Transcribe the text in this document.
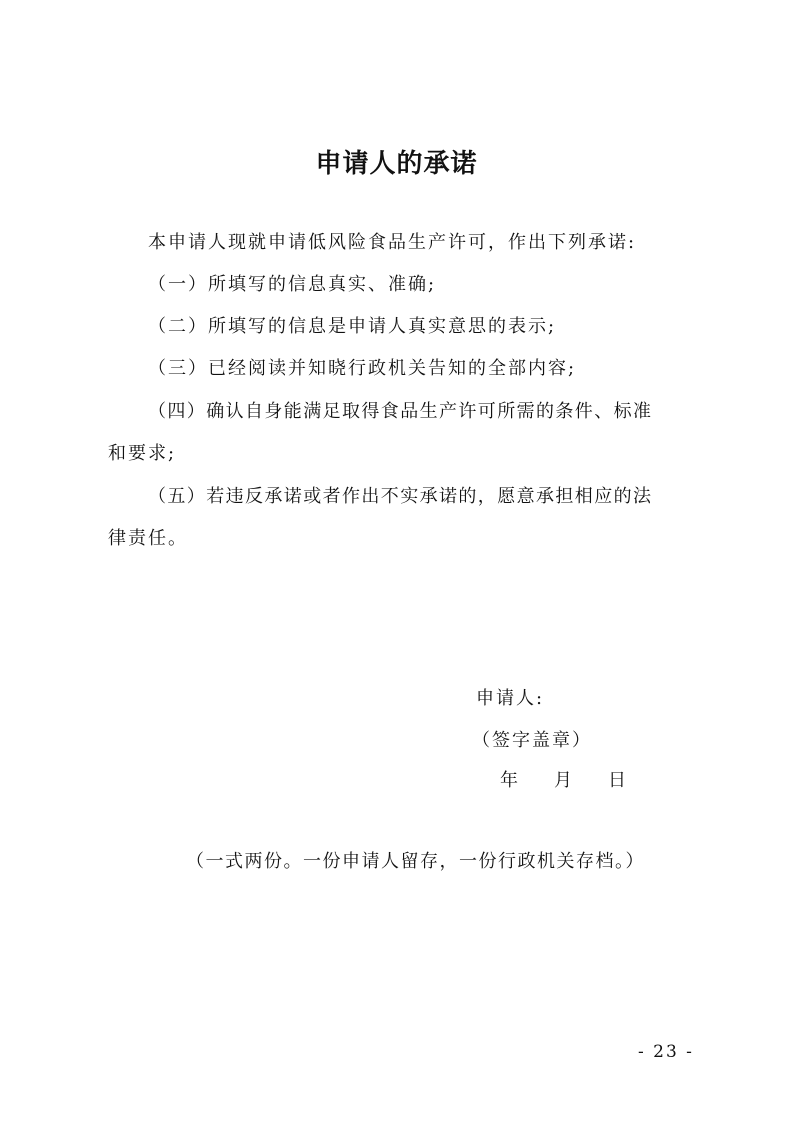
申请人的承诺
本申请人现就申请低风险食品生产许可，作出下列承诺:
（一）所填写的信息真实、准确;
（二）所填写的信息是申请人真实意思的表示;
（三）已经阅读并知晓行政机关告知的全部内容;
（四）确认自身能满足取得食品生产许可所需的条件、标准
和要求;
（五）若违反承诺或者作出不实承诺的，愿意承担相应的法
律责任。
申请人:
（签字盖章）
年 月 日
（一式两份。一份申请人留存，一份行政机关存档。）
- 23 -
